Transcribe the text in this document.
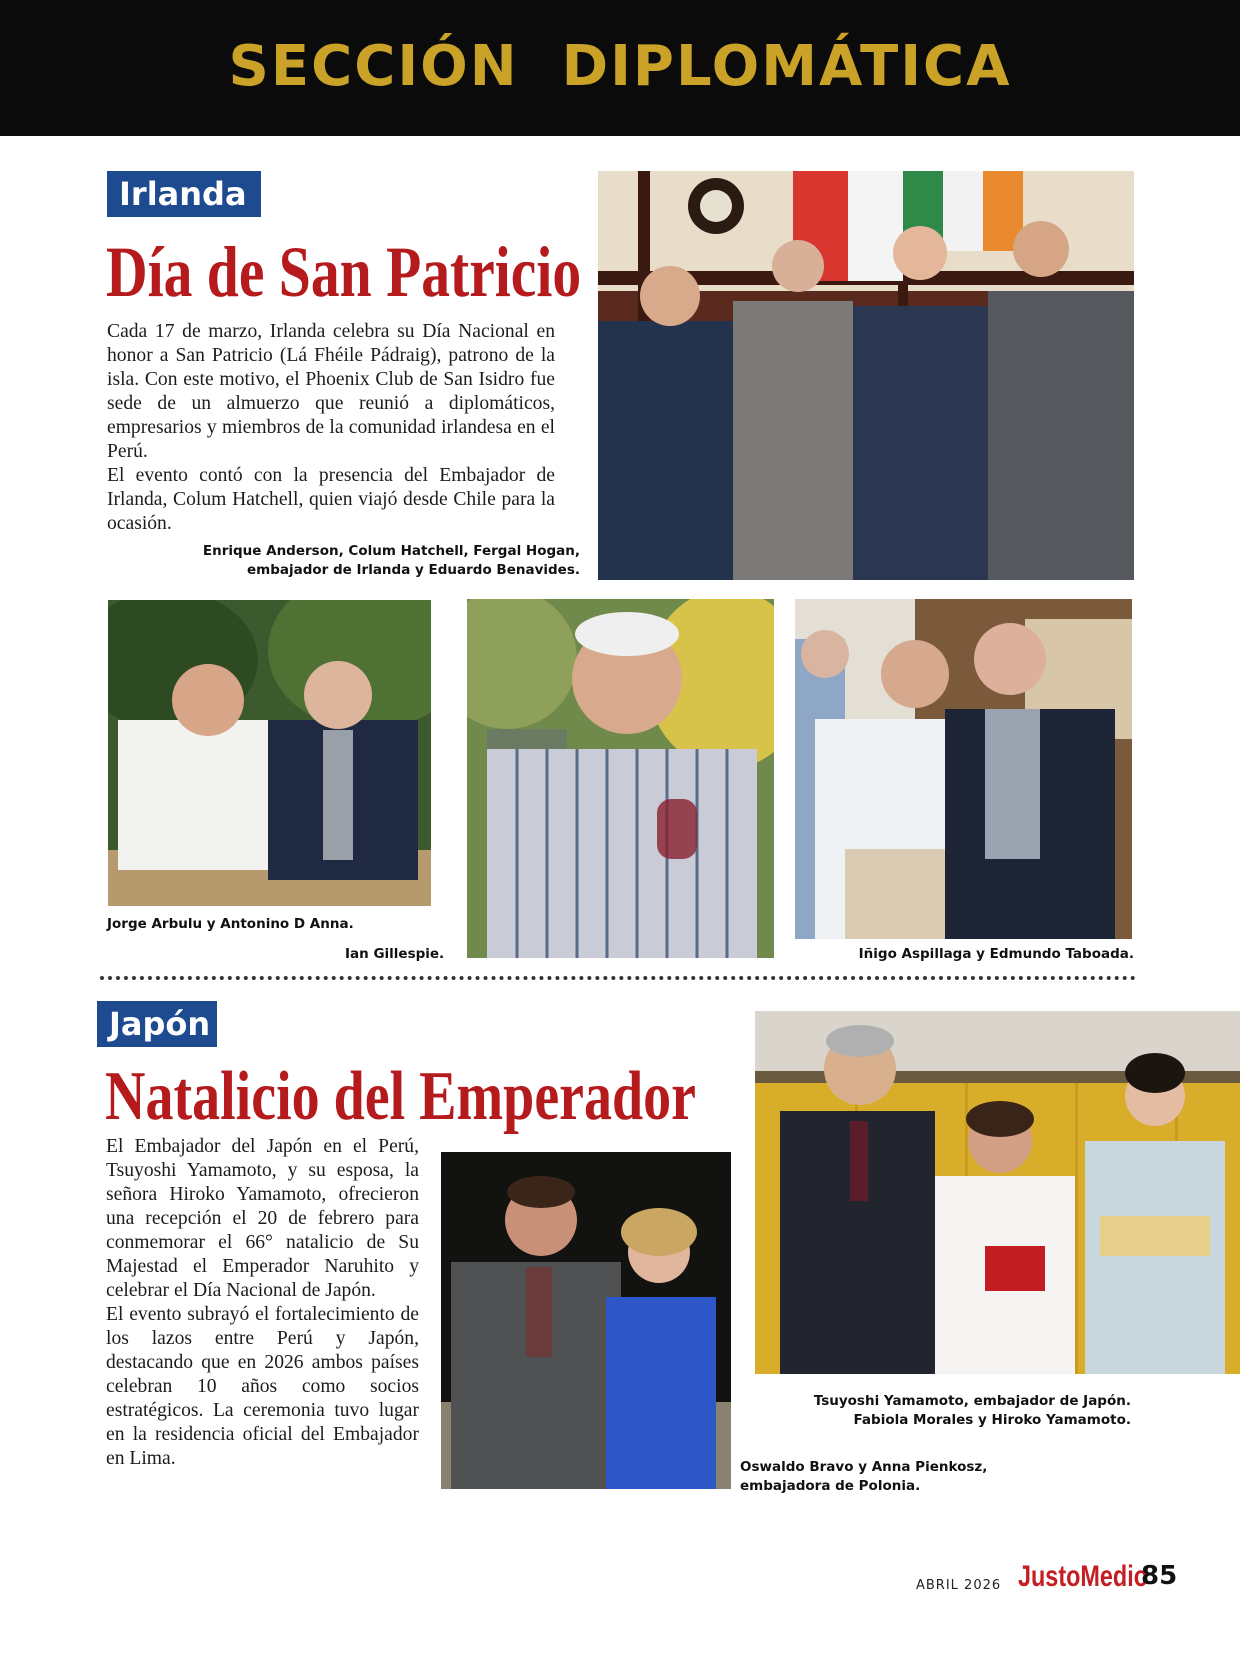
SECCIÓN  DIPLOMÁTICA
Irlanda
Día de San Patricio

Cada 17 de marzo, Irlanda celebra su Día Nacional en honor a San Patricio (Lá Fhéile Pádraig), patrono de la isla. Con este motivo, el Phoenix Club de San Isidro fue sede de un almuerzo que reunió a diplomáticos, empresarios y miembros de la comunidad irlandesa en el Perú.

El evento contó con la presencia del Embajador de Irlanda, Colum Hatchell, quien viajó desde Chile para la ocasión.

Enrique Anderson, Colum Hatchell, Fergal Hogan,
embajador de Irlanda y Eduardo Benavides.
Jorge Arbulu y Antonino D Anna.
Ian Gillespie.	Iñigo Aspillaga y Edmundo Taboada.
Japón
Natalicio del Emperador

El Embajador del Japón en el Perú, Tsuyoshi Yamamoto, y su esposa, la señora Hiroko Yamamoto, ofrecieron una recepción el 20 de febrero para conmemorar el 66° natalicio de Su Majestad el Emperador Naruhito y celebrar el Día Nacional de Japón.

El evento subrayó el fortalecimiento de los lazos entre Perú y Japón, destacando que en 2026 ambos países celebran 10 años como socios estratégicos. La ceremonia tuvo lugar en la residencia oficial del Embajador en Lima.	Oswaldo Bravo y Anna Pienkosz,
embajadora de Polonia.
Tsuyoshi Yamamoto, embajador de Japón.
Fabiola Morales y Hiroko Yamamoto.
ABRIL 2026 JustoMedio
85
